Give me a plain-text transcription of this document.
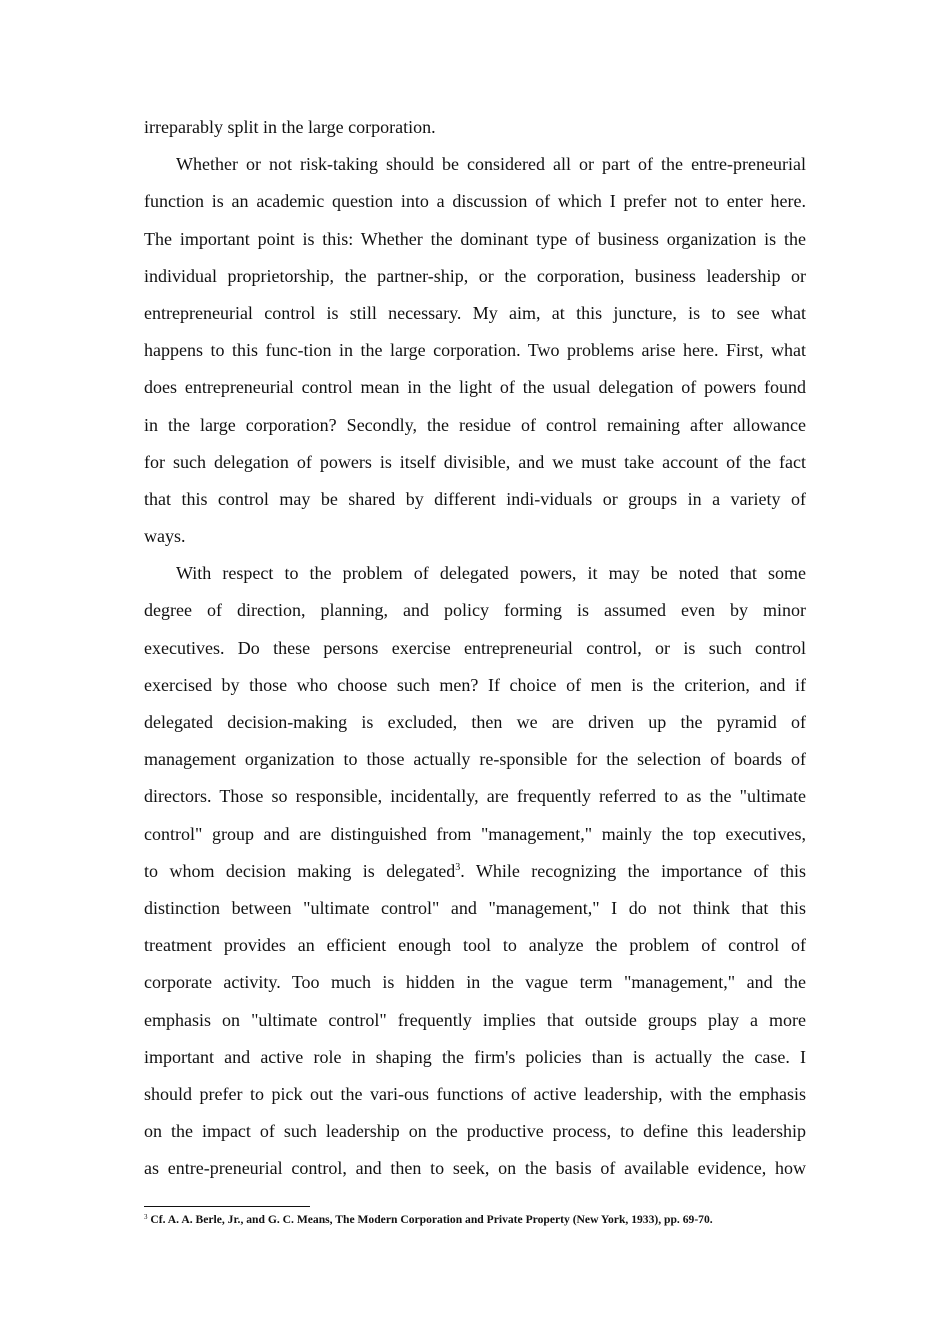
irreparably split in the large corporation.
Whether or not risk-taking should be considered all or part of the entre-preneurial
function is an academic question into a discussion of which I prefer not to enter here.
The important point is this: Whether the dominant type of business organization is the
individual proprietorship, the partner-ship, or the corporation, business leadership or
entrepreneurial control is still necessary. My aim, at this juncture, is to see what
happens to this func-tion in the large corporation. Two problems arise here. First, what
does entrepreneurial control mean in the light of the usual delegation of powers found
in the large corporation? Secondly, the residue of control remaining after allowance
for such delegation of powers is itself divisible, and we must take account of the fact
that this control may be shared by different indi-viduals or groups in a variety of
ways.
With respect to the problem of delegated powers, it may be noted that some
degree of direction, planning, and policy forming is assumed even by minor
executives. Do these persons exercise entrepreneurial control, or is such control
exercised by those who choose such men? If choice of men is the criterion, and if
delegated decision-making is excluded, then we are driven up the pyramid of
management organization to those actually re-sponsible for the selection of boards of
directors. Those so responsible, incidentally, are frequently referred to as the "ultimate
control" group and are distinguished from "management," mainly the top executives,
to whom decision making is delegated$^3$. While recognizing the importance of this
distinction between "ultimate control" and "management," I do not think that this
treatment provides an efficient enough tool to analyze the problem of control of
corporate activity. Too much is hidden in the vague term "management," and the
emphasis on "ultimate control" frequently implies that outside groups play a more
important and active role in shaping the firm's policies than is actually the case. I
should prefer to pick out the vari-ous functions of active leadership, with the emphasis
on the impact of such leadership on the productive process, to define this leadership
as entre-preneurial control, and then to seek, on the basis of available evidence, how
$^3$ Cf. A. A. Berle, Jr., and G. C. Means, The Modern Corporation and Private Property (New York, 1933), pp. 69-70.
